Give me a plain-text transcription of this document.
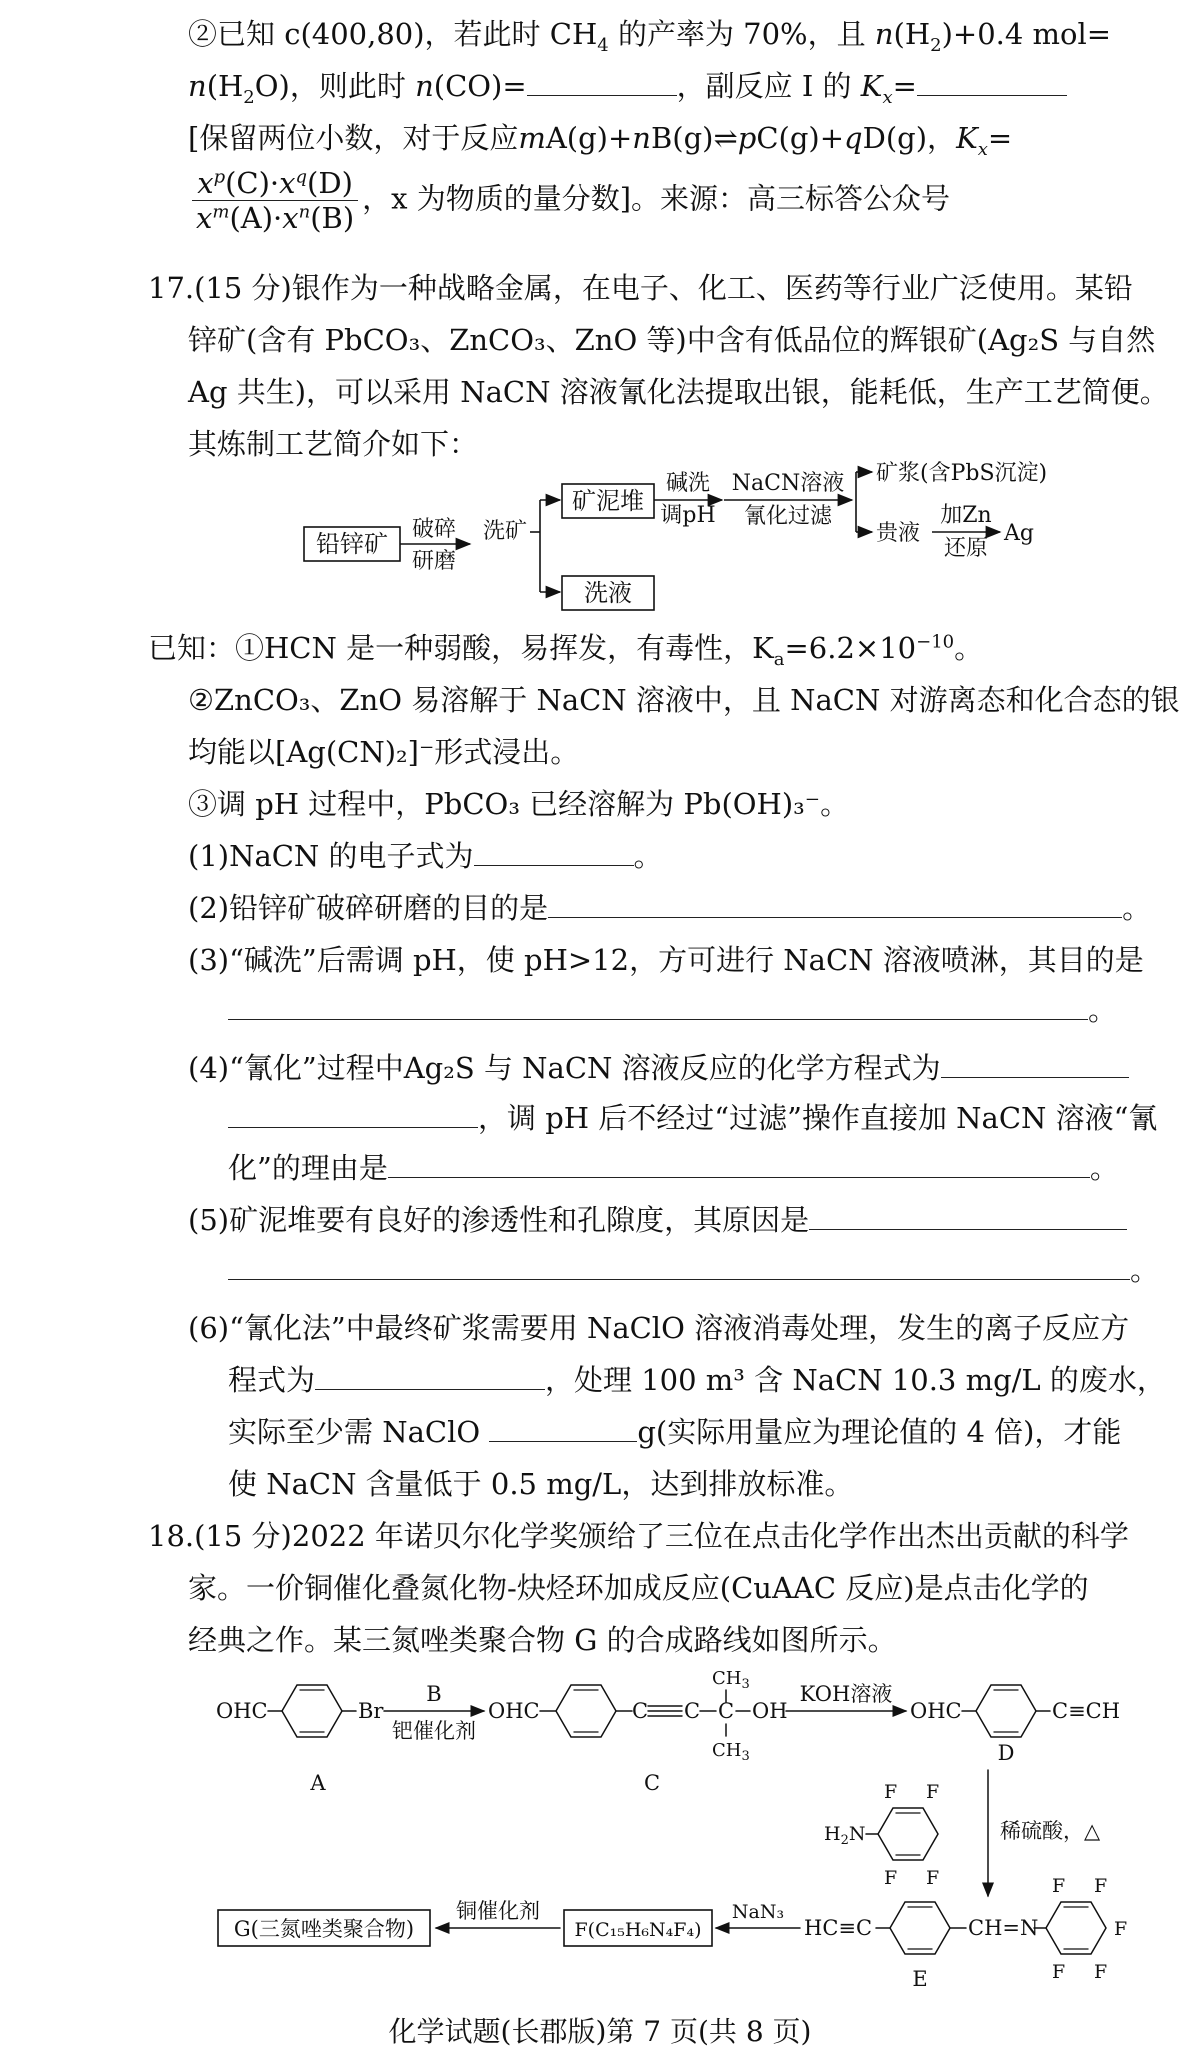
②已知 c(400,80)，若此时 $CH_4$ 的产率为 70%，且 $n(H_2)+0.4$ mol=
$n(H_2O)$，则此时 n(CO)=	，副反应 Ⅰ 的 $K_x=$
[保留两位小数，对于反应mA(g)+nB(g)⇌pC(g)+qD(g)，$K_x=$
$\frac{x^p(C)\cdot x^q(D)}{x^m(A)\cdot x^n(B)}$ ，x 为物质的量分数]。来源：高三标答公众号
17.(15 分)银作为一种战略金属，在电子、化工、医药等行业广泛使用。某铅
锌矿(含有 PbCO₃、ZnCO₃、ZnO 等)中含有低品位的辉银矿(Ag₂S 与自然
Ag 共生)，可以采用 NaCN 溶液氰化法提取出银，能耗低，生产工艺简便。
其炼制工艺简介如下：
铅锌矿
破碎
研磨
洗矿
矿泥堆
洗液
碱洗
调pH
NaCN溶液
氰化过滤
矿浆(含PbS沉淀)
贵液
加Zn
还原
Ag
已知：①HCN 是一种弱酸，易挥发，有毒性，$K_a=6.2\times 10^{-10}$。
②ZnCO₃、ZnO 易溶解于 NaCN 溶液中，且 NaCN 对游离态和化合态的银
均能以[Ag(CN)₂]⁻形式浸出。
③调 pH 过程中，PbCO₃ 已经溶解为 Pb(OH)₃⁻。
(1)NaCN 的电子式为	。
(2)铅锌矿破碎研磨的目的是	。
(3)“碱洗”后需调 pH，使 pH>12，方可进行 NaCN 溶液喷淋，其目的是
。
(4)“氰化”过程中Ag₂S 与 NaCN 溶液反应的化学方程式为
，调 pH 后不经过“过滤”操作直接加 NaCN 溶液“氰
化”的理由是	。
(5)矿泥堆要有良好的渗透性和孔隙度，其原因是
。
(6)“氰化法”中最终矿浆需要用 NaClO 溶液消毒处理，发生的离子反应方
程式为	，处理 100 m³ 含 NaCN 10.3 mg/L 的废水，
实际至少需 NaClO	g(实际用量应为理论值的 4 倍)，才能
使 NaCN 含量低于 0.5 mg/L，达到排放标准。
18.(15 分)2022 年诺贝尔化学奖颁给了三位在点击化学作出杰出贡献的科学
家。一价铜催化叠氮化物-炔烃环加成反应(CuAAC 反应)是点击化学的
经典之作。某三氮唑类聚合物 G 的合成路线如图所示。
OHC	Br
B
钯催化剂
A
OHC	C C C
$CH_3$
$CH_3$
OH
C
KOH溶液
OHC	C≡CH
D
稀硫酸，△
$H_2N$
F F
F F
G(三氮唑类聚合物)
铜催化剂
F(C₁₅H₆N₄F₄)
NaN₃
HC≡C	CH=N
F F
F
F F
E
化学试题(长郡版)第 7 页(共 8 页)
